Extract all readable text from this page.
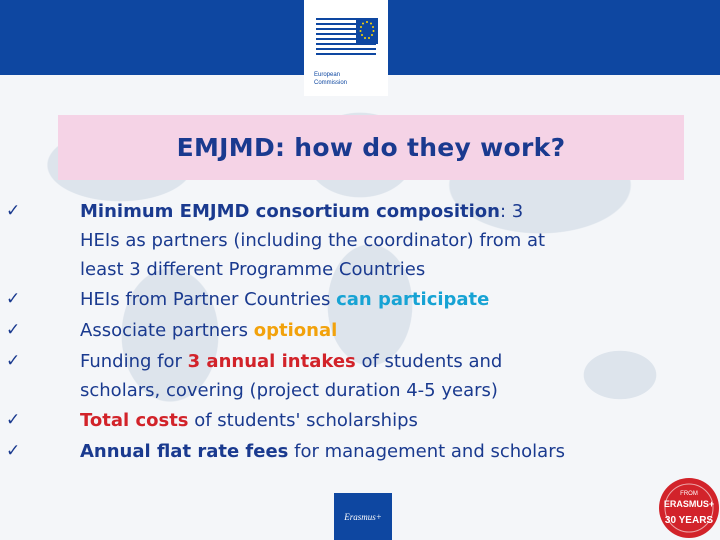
European
Commission
EMJMD: how do they work?
✓	Minimum EMJMD consortium composition: 3
HEIs as partners (including the coordinator) from at
least 3 different Programme Countries
✓	HEIs from Partner Countries can participate
✓	Associate partners optional
✓	Funding for 3 annual intakes of students and
scholars, covering (project duration 4-5 years)
✓	Total costs of students' scholarships
✓	Annual flat rate fees for management and scholars
Erasmus+
FROM
ERASMUS+
30 YEARS
